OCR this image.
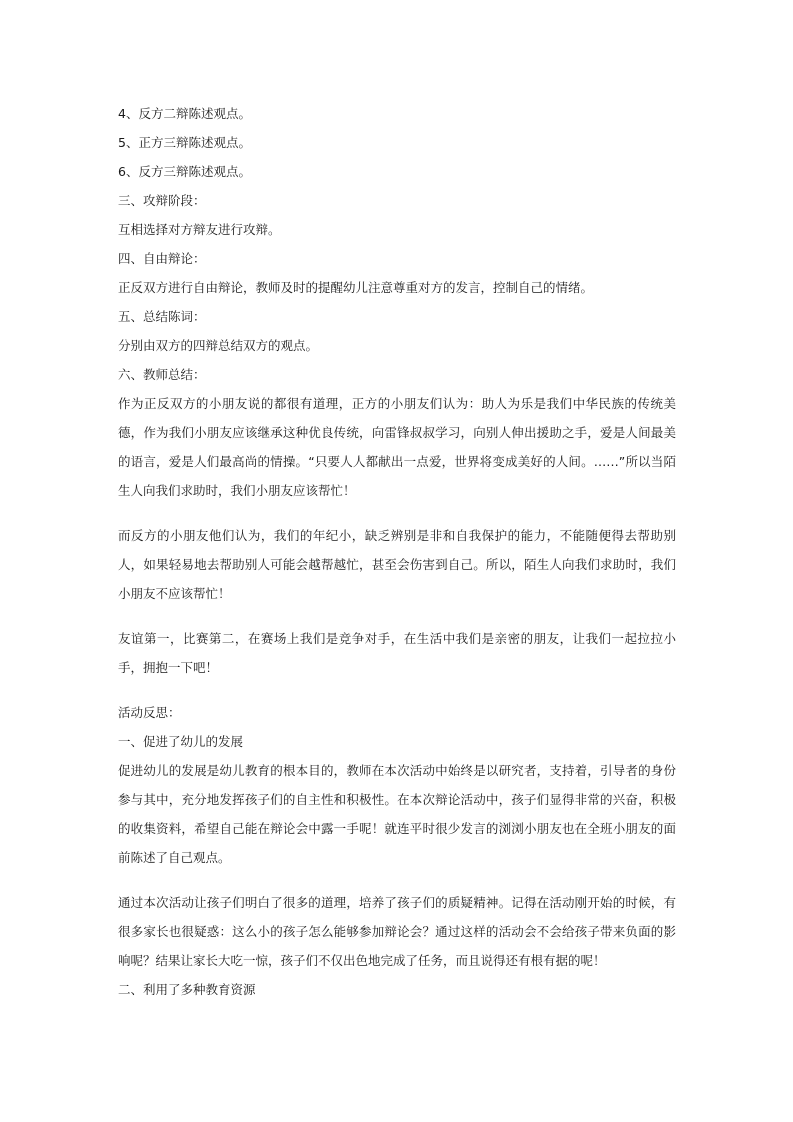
4、反方二辩陈述观点。

5、正方三辩陈述观点。

6、反方三辩陈述观点。

三、攻辩阶段：

互相选择对方辩友进行攻辩。

四、自由辩论：

正反双方进行自由辩论，教师及时的提醒幼儿注意尊重对方的发言，控制自己的情绪。

五、总结陈词：

分别由双方的四辩总结双方的观点。

六、教师总结：

作为正反双方的小朋友说的都很有道理，正方的小朋友们认为：助人为乐是我们中华民族的传统美德，作为我们小朋友应该继承这种优良传统，向雷锋叔叔学习，向别人伸出援助之手，爱是人间最美的语言，爱是人们最高尚的情操。“只要人人都献出一点爱，世界将变成美好的人间。……”所以当陌生人向我们求助时，我们小朋友应该帮忙！

而反方的小朋友他们认为，我们的年纪小，缺乏辨别是非和自我保护的能力，不能随便得去帮助别人，如果轻易地去帮助别人可能会越帮越忙，甚至会伤害到自己。所以，陌生人向我们求助时，我们小朋友不应该帮忙！

友谊第一，比赛第二，在赛场上我们是竞争对手，在生活中我们是亲密的朋友，让我们一起拉拉小手，拥抱一下吧！

活动反思：

一、促进了幼儿的发展

促进幼儿的发展是幼儿教育的根本目的，教师在本次活动中始终是以研究者，支持着，引导者的身份参与其中，充分地发挥孩子们的自主性和积极性。在本次辩论活动中，孩子们显得非常的兴奋，积极的收集资料，希望自己能在辩论会中露一手呢！就连平时很少发言的浏浏小朋友也在全班小朋友的面前陈述了自己观点。

通过本次活动让孩子们明白了很多的道理，培养了孩子们的质疑精神。记得在活动刚开始的时候，有很多家长也很疑惑：这么小的孩子怎么能够参加辩论会？通过这样的活动会不会给孩子带来负面的影响呢？结果让家长大吃一惊，孩子们不仅出色地完成了任务，而且说得还有根有据的呢！

二、利用了多种教育资源
